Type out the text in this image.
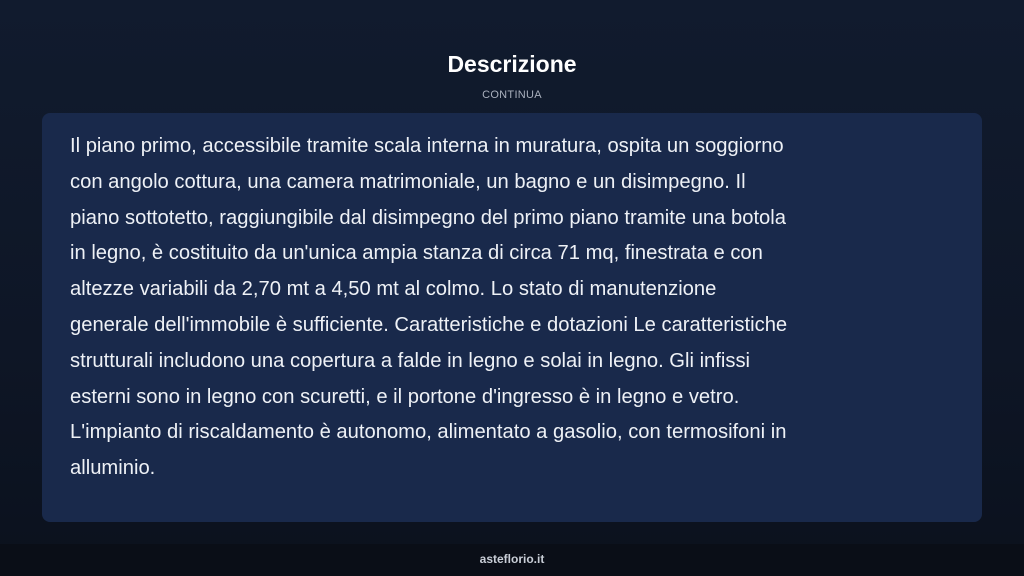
Descrizione
CONTINUA

Il piano primo, accessibile tramite scala interna in muratura, ospita un soggiorno
con angolo cottura, una camera matrimoniale, un bagno e un disimpegno. Il
piano sottotetto, raggiungibile dal disimpegno del primo piano tramite una botola
in legno, è costituito da un'unica ampia stanza di circa 71 mq, finestrata e con
altezze variabili da 2,70 mt a 4,50 mt al colmo. Lo stato di manutenzione
generale dell'immobile è sufficiente. Caratteristiche e dotazioni Le caratteristiche
strutturali includono una copertura a falde in legno e solai in legno. Gli infissi
esterni sono in legno con scuretti, e il portone d'ingresso è in legno e vetro.
L'impianto di riscaldamento è autonomo, alimentato a gasolio, con termosifoni in
alluminio.

asteflorio.it
